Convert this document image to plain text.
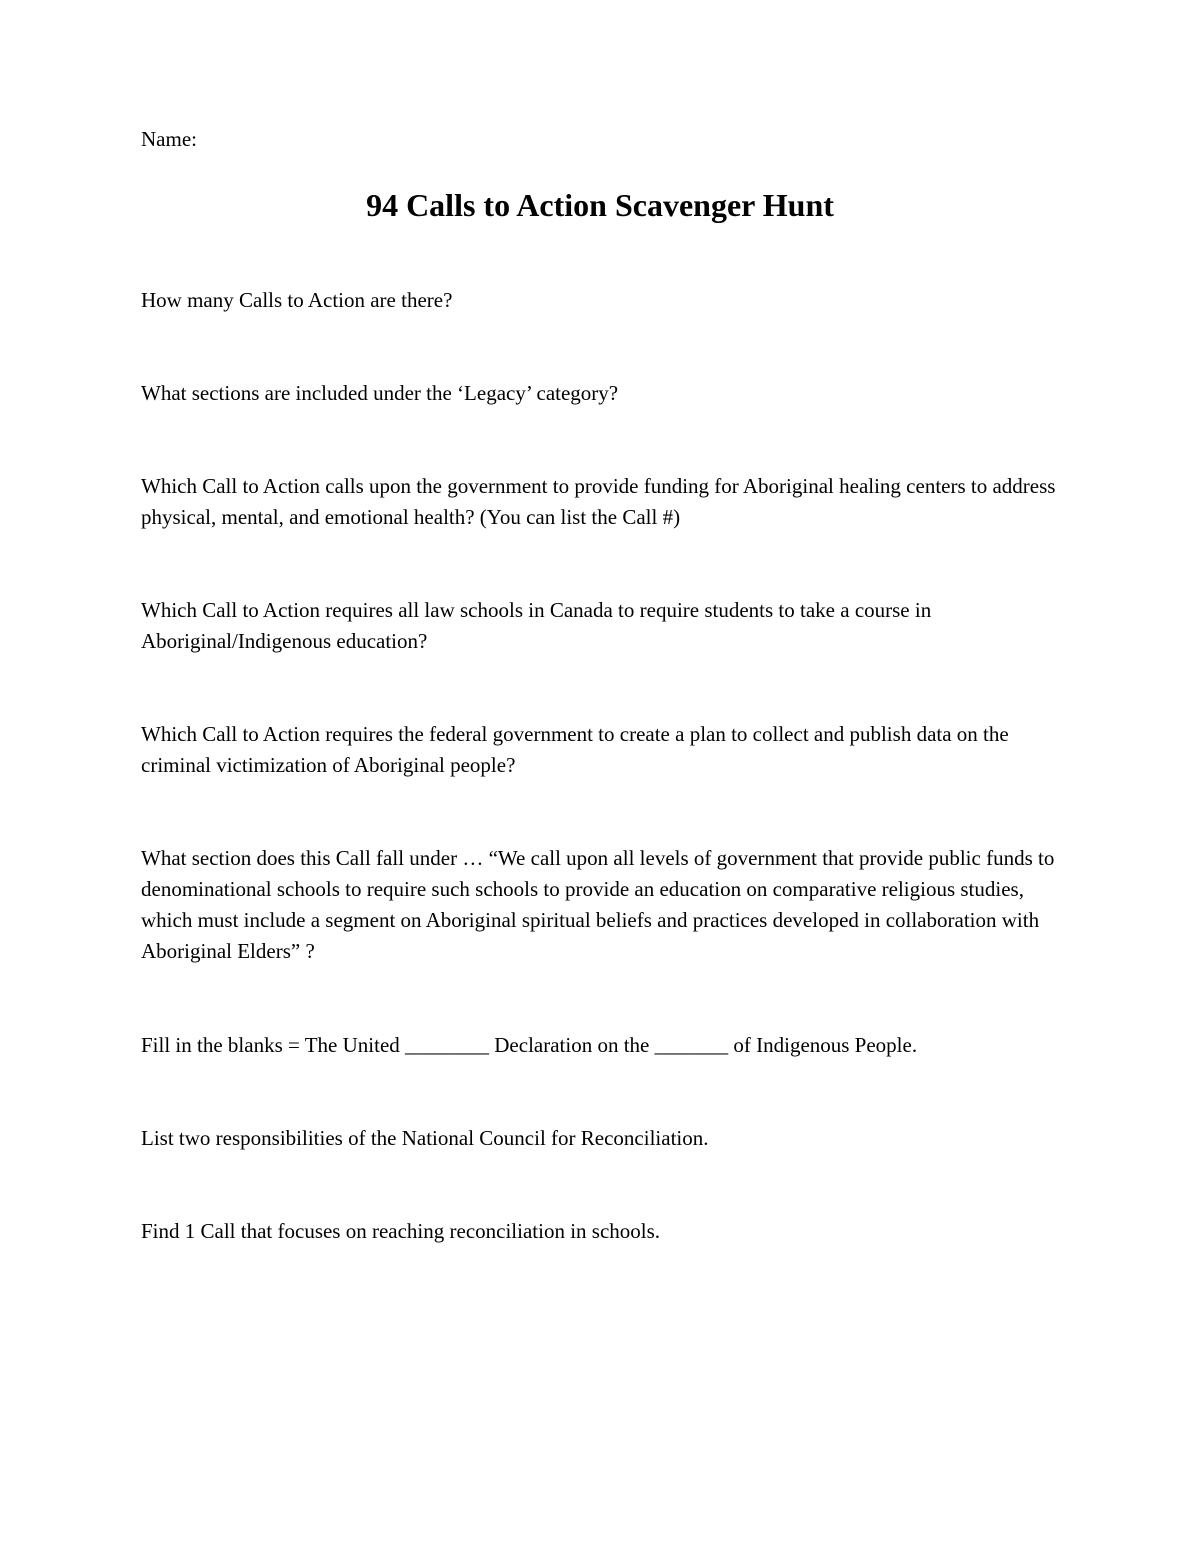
Name:
94 Calls to Action Scavenger Hunt

How many Calls to Action are there?

What sections are included under the ‘Legacy’ category?

Which Call to Action calls upon the government to provide funding for Aboriginal healing centers to address physical, mental, and emotional health? (You can list the Call #)

Which Call to Action requires all law schools in Canada to require students to take a course in Aboriginal/Indigenous education?

Which Call to Action requires the federal government to create a plan to collect and publish data on the criminal victimization of Aboriginal people?

What section does this Call fall under … “We call upon all levels of government that provide public funds to denominational schools to require such schools to provide an education on comparative religious studies, which must include a segment on Aboriginal spiritual beliefs and practices developed in collaboration with Aboriginal Elders” ?

Fill in the blanks = The United ________ Declaration on the _______ of Indigenous People.

List two responsibilities of the National Council for Reconciliation.

Find 1 Call that focuses on reaching reconciliation in schools.
